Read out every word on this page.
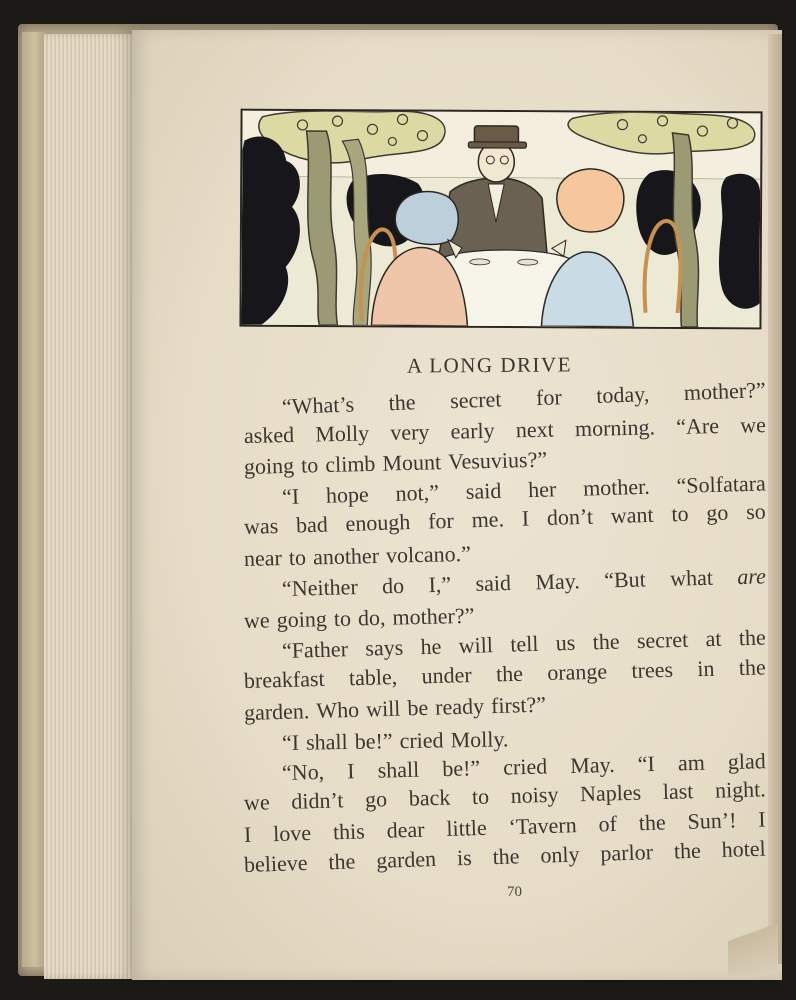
A LONG DRIVE
“What’s the secret for today, mother?”
asked Molly very early next morning. “Are we
going to climb Mount Vesuvius?”
“I hope not,” said her mother. “Solfatara
was bad enough for me. I don’t want to go so
near to another volcano.”
“Neither do I,” said May. “But what are
we going to do, mother?”
“Father says he will tell us the secret at the
breakfast table, under the orange trees in the
garden. Who will be ready first?”
“I shall be!” cried Molly.
“No, I shall be!” cried May. “I am glad
we didn’t go back to noisy Naples last night.
I love this dear little ‘Tavern of the Sun’! I
believe the garden is the only parlor the hotel
70
